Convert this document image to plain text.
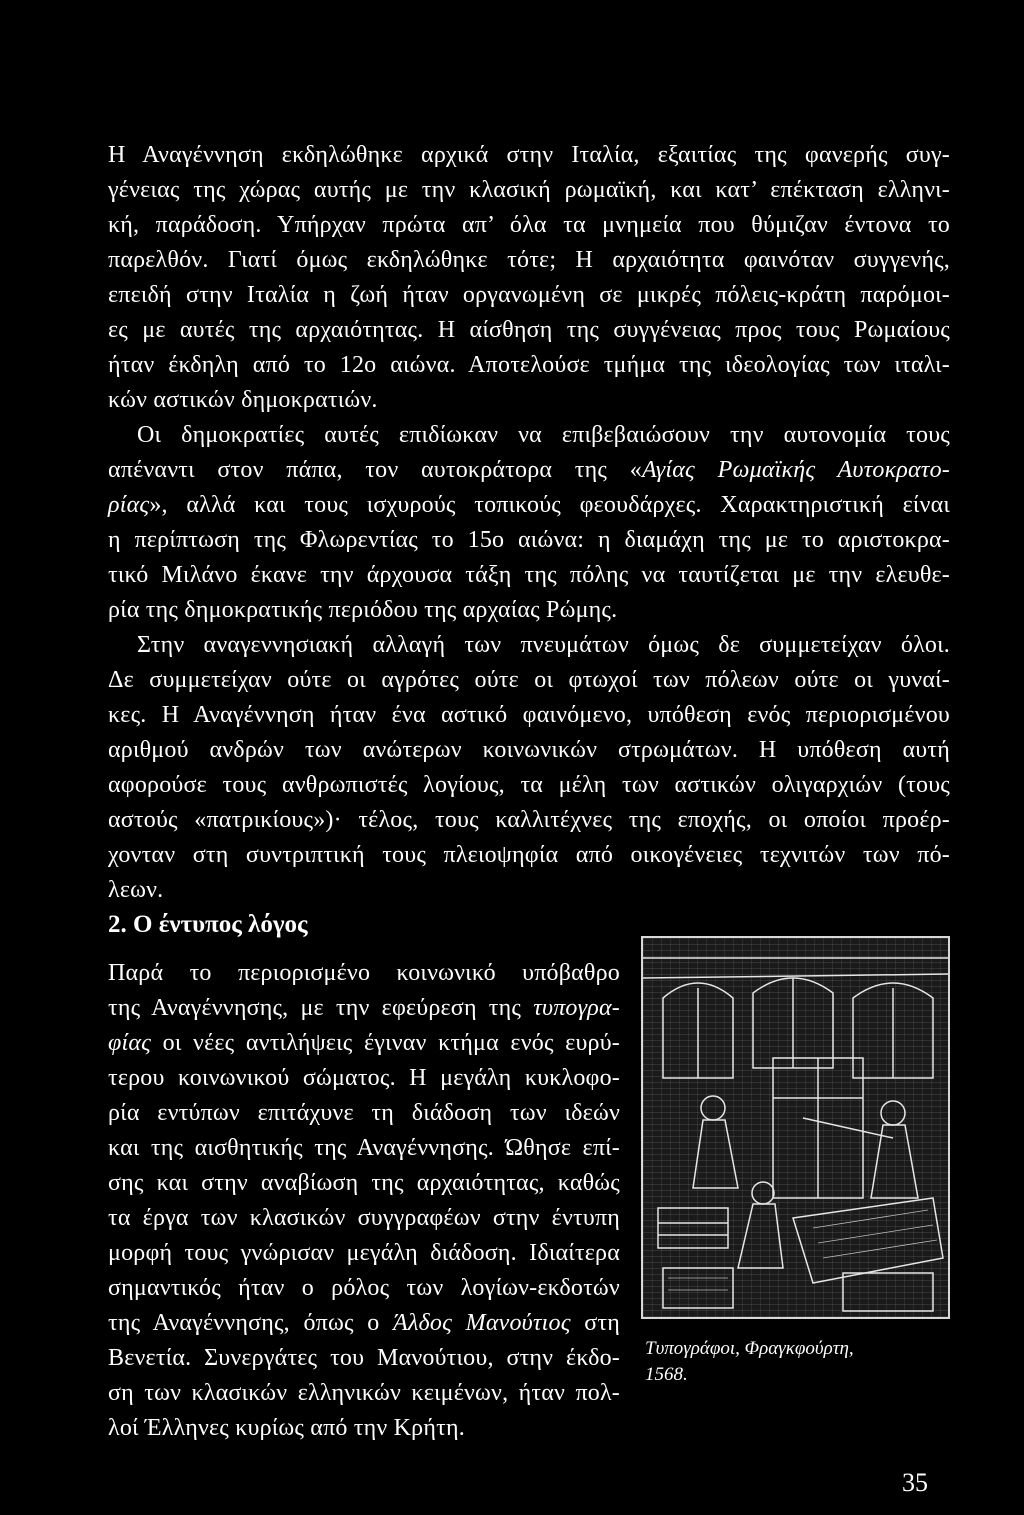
Η Αναγέννηση εκδηλώθηκε αρχικά στην Ιταλία, εξαιτίας της φανερής συγ-
γένειας της χώρας αυτής με την κλασική ρωμαϊκή, και κατ’ επέκταση ελληνι-
κή, παράδοση. Υπήρχαν πρώτα απ’ όλα τα μνημεία που θύμιζαν έντονα το
παρελθόν. Γιατί όμως εκδηλώθηκε τότε; Η αρχαιότητα φαινόταν συγγενής,
επειδή στην Ιταλία η ζωή ήταν οργανωμένη σε μικρές πόλεις-κράτη παρόμοι-
ες με αυτές της αρχαιότητας. Η αίσθηση της συγγένειας προς τους Ρωμαίους
ήταν έκδηλη από το 12ο αιώνα. Αποτελούσε τμήμα της ιδεολογίας των ιταλι-
κών αστικών δημοκρατιών.
Οι δημοκρατίες αυτές επιδίωκαν να επιβεβαιώσουν την αυτονομία τους
απέναντι στον πάπα, τον αυτοκράτορα της «Αγίας Ρωμαϊκής Αυτοκρατο-
ρίας», αλλά και τους ισχυρούς τοπικούς φεουδάρχες. Χαρακτηριστική είναι
η περίπτωση της Φλωρεντίας το 15ο αιώνα: η διαμάχη της με το αριστοκρα-
τικό Μιλάνο έκανε την άρχουσα τάξη της πόλης να ταυτίζεται με την ελευθε-
ρία της δημοκρατικής περιόδου της αρχαίας Ρώμης.
Στην αναγεννησιακή αλλαγή των πνευμάτων όμως δε συμμετείχαν όλοι.
Δε συμμετείχαν ούτε οι αγρότες ούτε οι φτωχοί των πόλεων ούτε οι γυναί-
κες. Η Αναγέννηση ήταν ένα αστικό φαινόμενο, υπόθεση ενός περιορισμένου
αριθμού ανδρών των ανώτερων κοινωνικών στρωμάτων. Η υπόθεση αυτή
αφορούσε τους ανθρωπιστές λογίους, τα μέλη των αστικών ολιγαρχιών (τους
αστούς «πατρικίους»)· τέλος, τους καλλιτέχνες της εποχής, οι οποίοι προέρ-
χονταν στη συντριπτική τους πλειοψηφία από οικογένειες τεχνιτών των πό-
λεων.
2. Ο έντυπος λόγος
Παρά το περιορισμένο κοινωνικό υπόβαθρο
της Αναγέννησης, με την εφεύρεση της τυπογρα-
φίας οι νέες αντιλήψεις έγιναν κτήμα ενός ευρύ-
τερου κοινωνικού σώματος. Η μεγάλη κυκλοφο-
ρία εντύπων επιτάχυνε τη διάδοση των ιδεών
και της αισθητικής της Αναγέννησης. Ώθησε επί-
σης και στην αναβίωση της αρχαιότητας, καθώς
τα έργα των κλασικών συγγραφέων στην έντυπη
μορφή τους γνώρισαν μεγάλη διάδοση. Ιδιαίτερα
σημαντικός ήταν ο ρόλος των λογίων-εκδοτών
της Αναγέννησης, όπως ο Άλδος Μανούτιος στη
Βενετία. Συνεργάτες του Μανούτιου, στην έκδο-
ση των κλασικών ελληνικών κειμένων, ήταν πολ-
λοί Έλληνες κυρίως από την Κρήτη.
Τυπογράφοι, Φραγκφούρτη,
1568.
35
